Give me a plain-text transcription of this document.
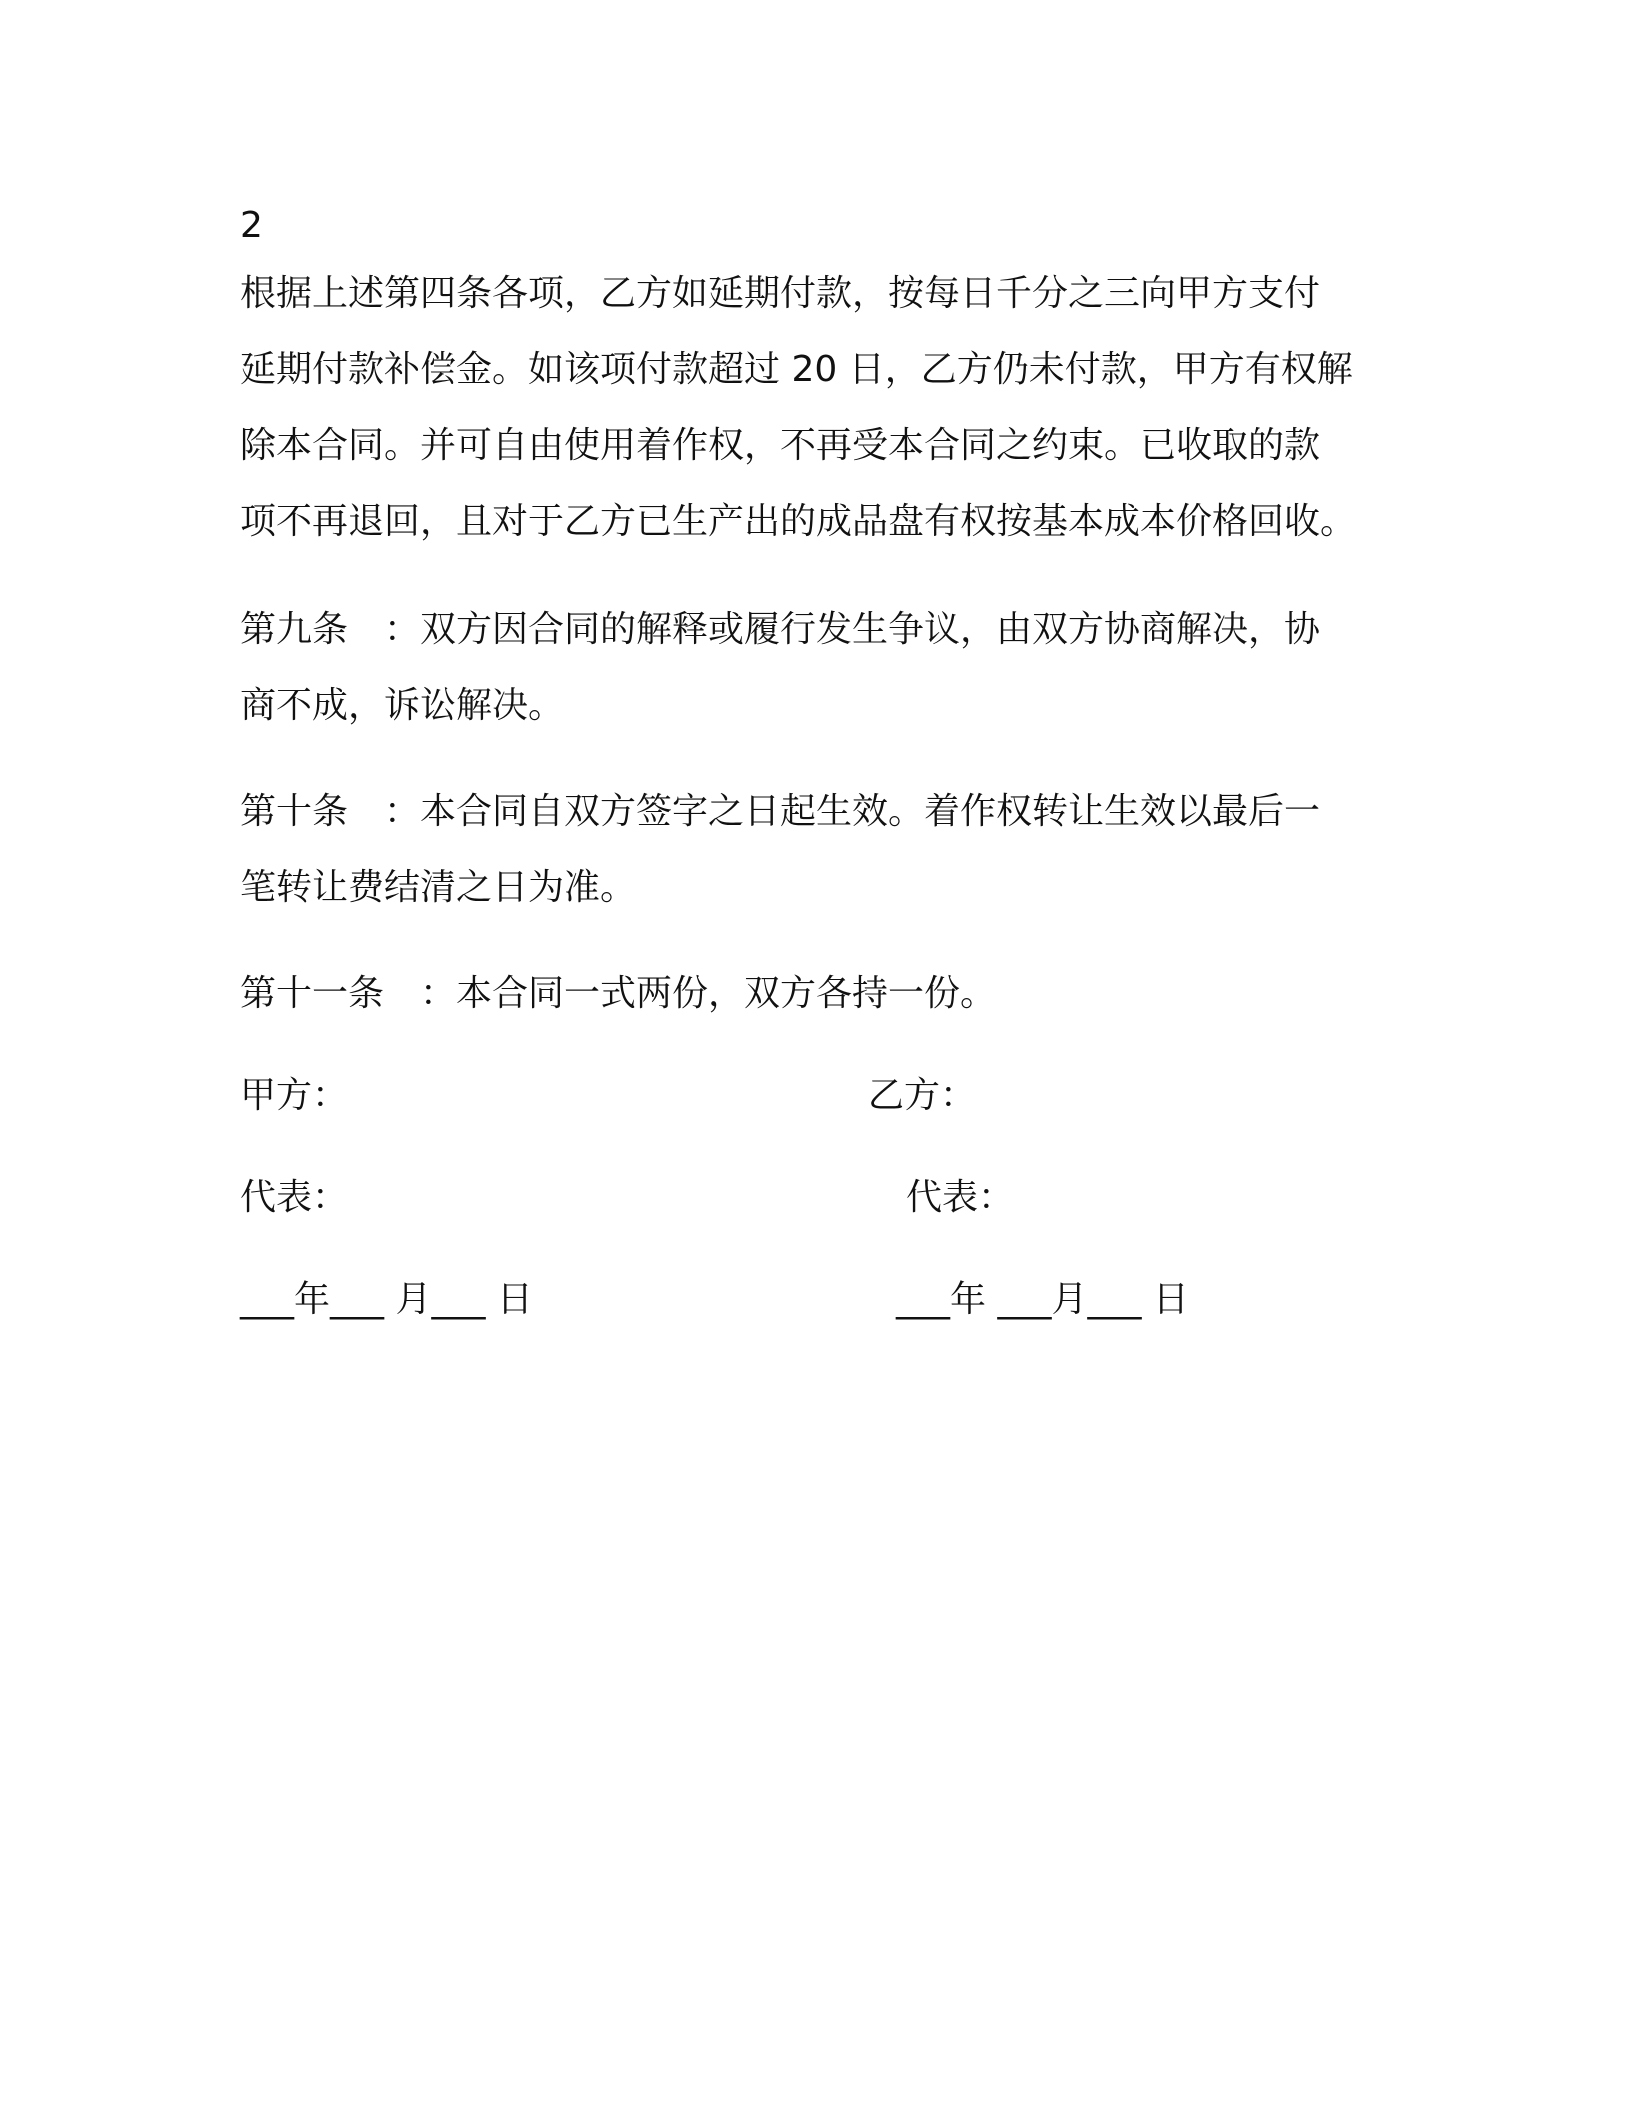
2
根据上述第四条各项，乙方如延期付款，按每日千分之三向甲方支付
延期付款补偿金。如该项付款超过 20 日，乙方仍未付款，甲方有权解
除本合同。并可自由使用着作权，不再受本合同之约束。已收取的款
项不再退回，且对于乙方已生产出的成品盘有权按基本成本价格回收。
第九条　：双方因合同的解释或履行发生争议，由双方协商解决，协
商不成，诉讼解决。
第十条　：本合同自双方签字之日起生效。着作权转让生效以最后一
笔转让费结清之日为准。
第十一条　：本合同一式两份，双方各持一份。
甲方：	乙方：
代表：	代表：
___年___ 月___ 日	___年 ___月___ 日
